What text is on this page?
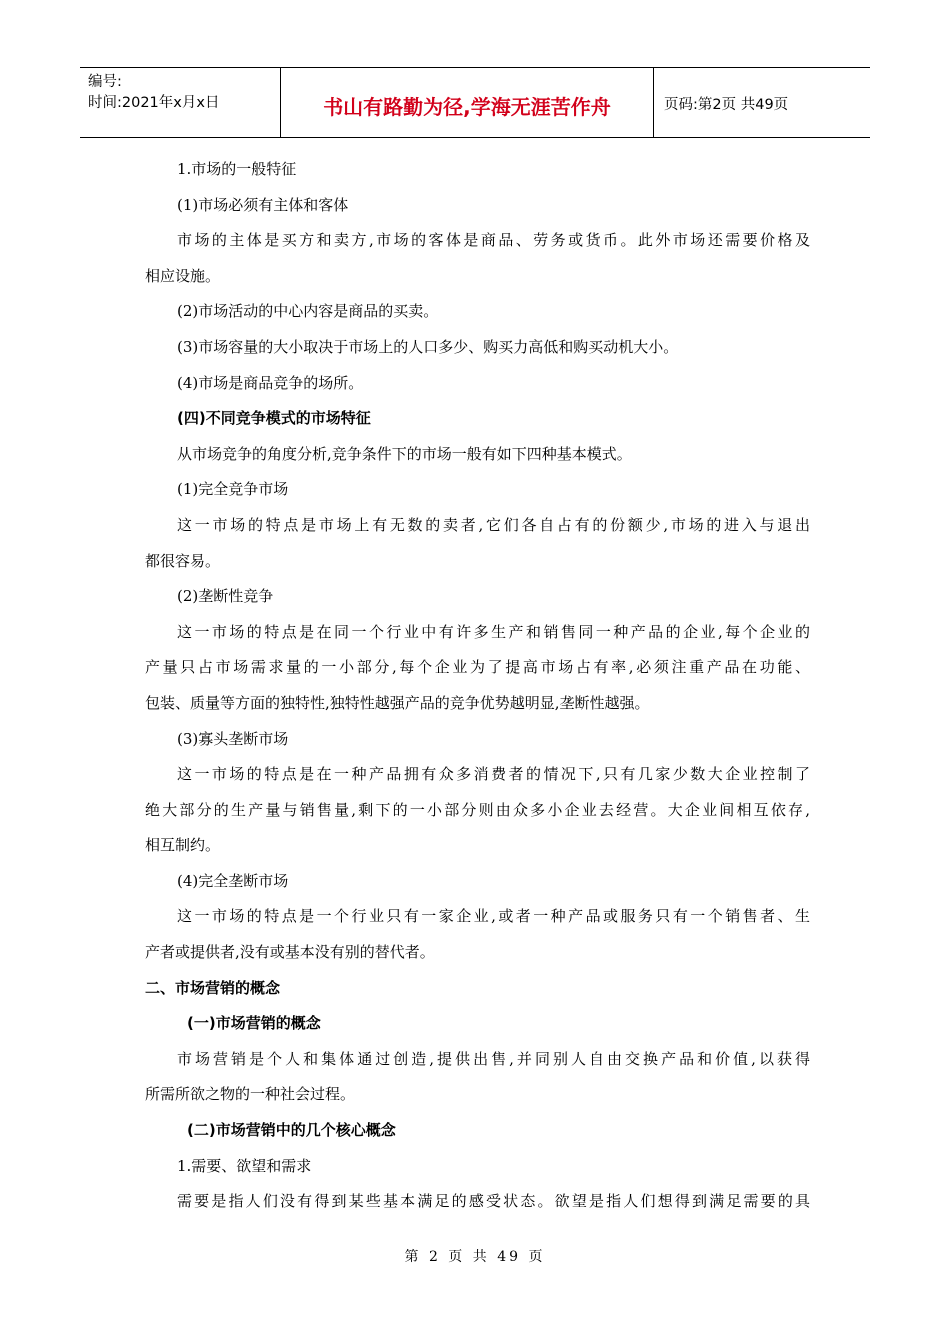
编号:
时间:2021年x月x日	书山有路勤为径,学海无涯苦作舟	页码:第2页 共49页

1.市场的一般特征

(1)市场必须有主体和客体

市场的主体是买方和卖方,市场的客体是商品、劳务或货币。此外市场还需要价格及

相应设施。

(2)市场活动的中心内容是商品的买卖。

(3)市场容量的大小取决于市场上的人口多少、购买力高低和购买动机大小。

(4)市场是商品竞争的场所。

(四)不同竞争模式的市场特征

从市场竞争的角度分析,竞争条件下的市场一般有如下四种基本模式。

(1)完全竞争市场

这一市场的特点是市场上有无数的卖者,它们各自占有的份额少,市场的进入与退出

都很容易。

(2)垄断性竞争

这一市场的特点是在同一个行业中有许多生产和销售同一种产品的企业,每个企业的

产量只占市场需求量的一小部分,每个企业为了提高市场占有率,必须注重产品在功能、

包装、质量等方面的独特性,独特性越强产品的竞争优势越明显,垄断性越强。

(3)寡头垄断市场

这一市场的特点是在一种产品拥有众多消费者的情况下,只有几家少数大企业控制了

绝大部分的生产量与销售量,剩下的一小部分则由众多小企业去经营。大企业间相互依存,

相互制约。

(4)完全垄断市场

这一市场的特点是一个行业只有一家企业,或者一种产品或服务只有一个销售者、生

产者或提供者,没有或基本没有别的替代者。

二、市场营销的概念

(一)市场营销的概念

市场营销是个人和集体通过创造,提供出售,并同别人自由交换产品和价值,以获得

所需所欲之物的一种社会过程。

(二)市场营销中的几个核心概念

1.需要、欲望和需求

需要是指人们没有得到某些基本满足的感受状态。欲望是指人们想得到满足需要的具

第 2 页 共 49 页
